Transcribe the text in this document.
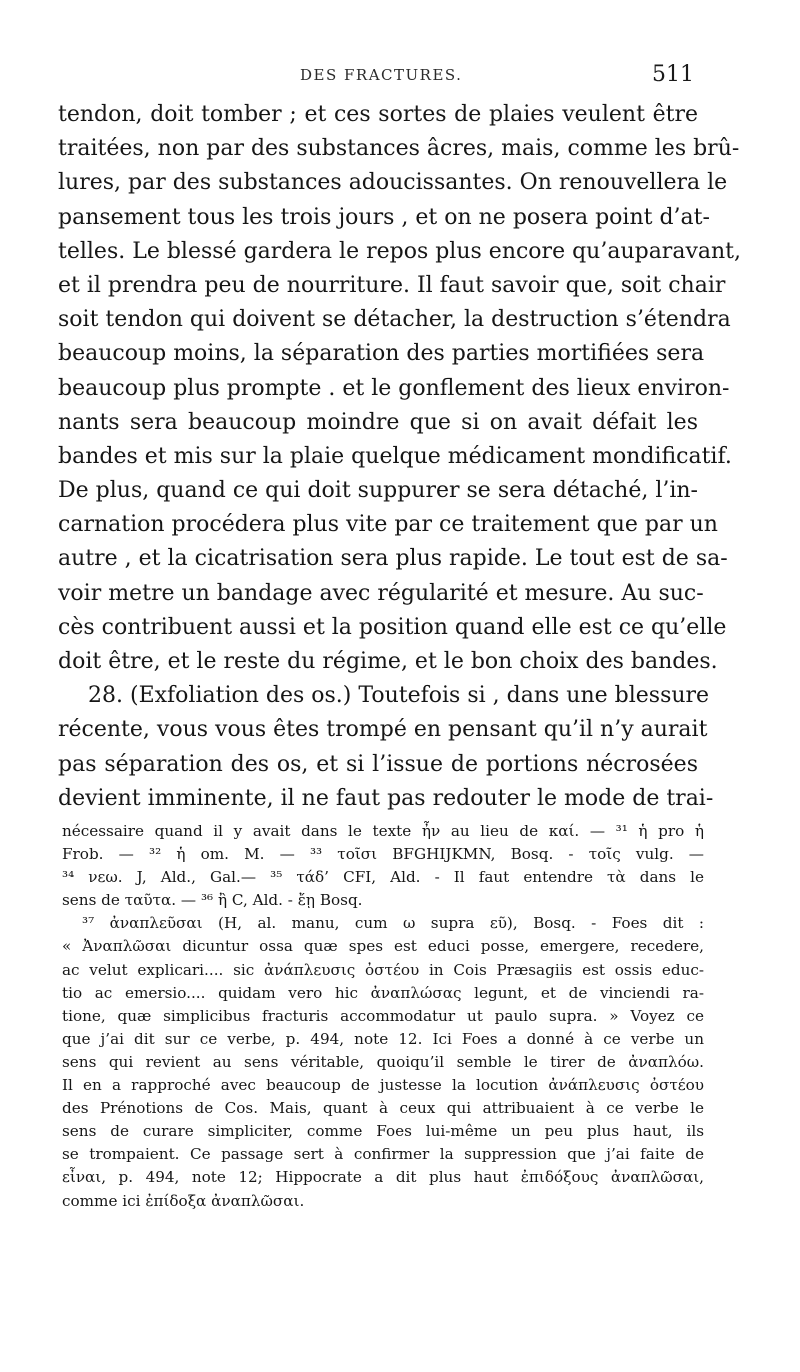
DES FRACTURES.	511
tendon, doit tomber ; et ces sortes de plaies veulent être
traitées, non par des substances âcres, mais, comme les brû-
lures, par des substances adoucissantes. On renouvellera le
pansement tous les trois jours , et on ne posera point d’at-
telles. Le blessé gardera le repos plus encore qu’auparavant,
et il prendra peu de nourriture. Il faut savoir que, soit chair
soit tendon qui doivent se détacher, la destruction s’étendra
beaucoup moins, la séparation des parties mortifiées sera
beaucoup plus prompte . et le gonflement des lieux environ-
nants sera beaucoup moindre que si on avait défait les
bandes et mis sur la plaie quelque médicament mondificatif.
De plus, quand ce qui doit suppurer se sera détaché, l’in-
carnation procédera plus vite par ce traitement que par un
autre , et la cicatrisation sera plus rapide. Le tout est de sa-
voir metre un bandage avec régularité et mesure. Au suc-
cès contribuent aussi et la position quand elle est ce qu’elle
doit être, et le reste du régime, et le bon choix des bandes.
28. (Exfoliation des os.) Toutefois si , dans une blessure
récente, vous vous êtes trompé en pensant qu’il n’y aurait
pas séparation des os, et si l’issue de portions nécrosées
devient imminente, il ne faut pas redouter le mode de trai-
nécessaire quand il y avait dans le texte ἦν au lieu de καί. — ³¹ ἡ pro ἡ
Frob. — ³² ἡ om. M. — ³³ τοῖσι BFGHIJKMN, Bosq. - τοῖς vulg. —
³⁴ νεω. J, Ald., Gal.— ³⁵ τάδ’ CFI, Ald. - Il faut entendre τὰ dans le
sens de ταῦτα. — ³⁶ ἢ C, Ald. - ἔῃ Bosq.
³⁷ ἀναπλεῦσαι (H, al. manu, cum ω supra εῦ), Bosq. - Foes dit :
« Ἀναπλῶσαι dicuntur ossa quæ spes est educi posse, emergere, recedere,
ac velut explicari.... sic ἀνάπλευσις ὀστέου in Cois Præsagiis est ossis educ-
tio ac emersio.... quidam vero hic ἀναπλώσας legunt, et de vinciendi ra-
tione, quæ simplicibus fracturis accommodatur ut paulo supra. » Voyez ce
que j’ai dit sur ce verbe, p. 494, note 12. Ici Foes a donné à ce verbe un
sens qui revient au sens véritable, quoiqu’il semble le tirer de ἀναπλόω.
Il en a rapproché avec beaucoup de justesse la locution ἀνάπλευσις ὀστέου
des Prénotions de Cos. Mais, quant à ceux qui attribuaient à ce verbe le
sens de curare simpliciter, comme Foes lui-même un peu plus haut, ils
se trompaient. Ce passage sert à confirmer la suppression que j’ai faite de
εἶναι, p. 494, note 12; Hippocrate a dit plus haut ἐπιδόξους ἀναπλῶσαι,
comme ici ἐπίδοξα ἀναπλῶσαι.
